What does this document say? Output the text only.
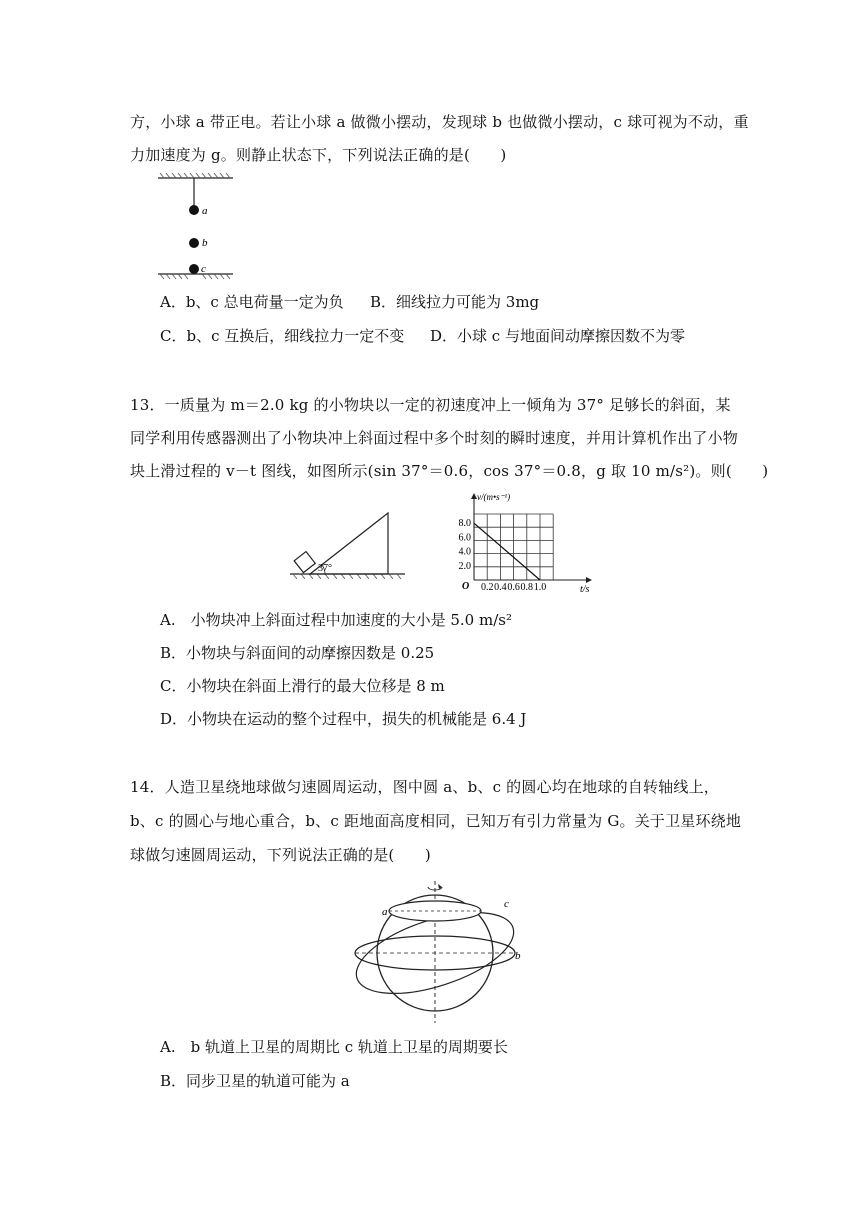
方，小球 a 带正电。若让小球 a 做微小摆动，发现球 b 也做微小摆动，c 球可视为不动，重
力加速度为 g。则静止状态下，下列说法正确的是(　　)
a
b
c
A．b、c 总电荷量一定为负 B．细线拉力可能为 3mg
C．b、c 互换后，细线拉力一定不变 D．小球 c 与地面间动摩擦因数不为零
13．一质量为 m＝2.0 kg 的小物块以一定的初速度冲上一倾角为 37° 足够长的斜面，某
同学利用传感器测出了小物块冲上斜面过程中多个时刻的瞬时速度，并用计算机作出了小物
块上滑过程的 v－t 图线，如图所示(sin 37°＝0.6，cos 37°＝0.8，g 取 10 m/s²)。则(　　)
37°
8.0
6.0
4.0
2.0
0.2 0.4 0.6 0.8 1.0
v/(m•s⁻¹)
t/s
O
A.　小物块冲上斜面过程中加速度的大小是 5.0 m/s²
B．小物块与斜面间的动摩擦因数是 0.25
C．小物块在斜面上滑行的最大位移是 8 m
D．小物块在运动的整个过程中，损失的机械能是 6.4 J
14．人造卫星绕地球做匀速圆周运动，图中圆 a、b、c 的圆心均在地球的自转轴线上，
b、c 的圆心与地心重合，b、c 距地面高度相同，已知万有引力常量为 G。关于卫星环绕地
球做匀速圆周运动，下列说法正确的是(　　)
a
b
c
A.　b 轨道上卫星的周期比 c 轨道上卫星的周期要长
B．同步卫星的轨道可能为 a
